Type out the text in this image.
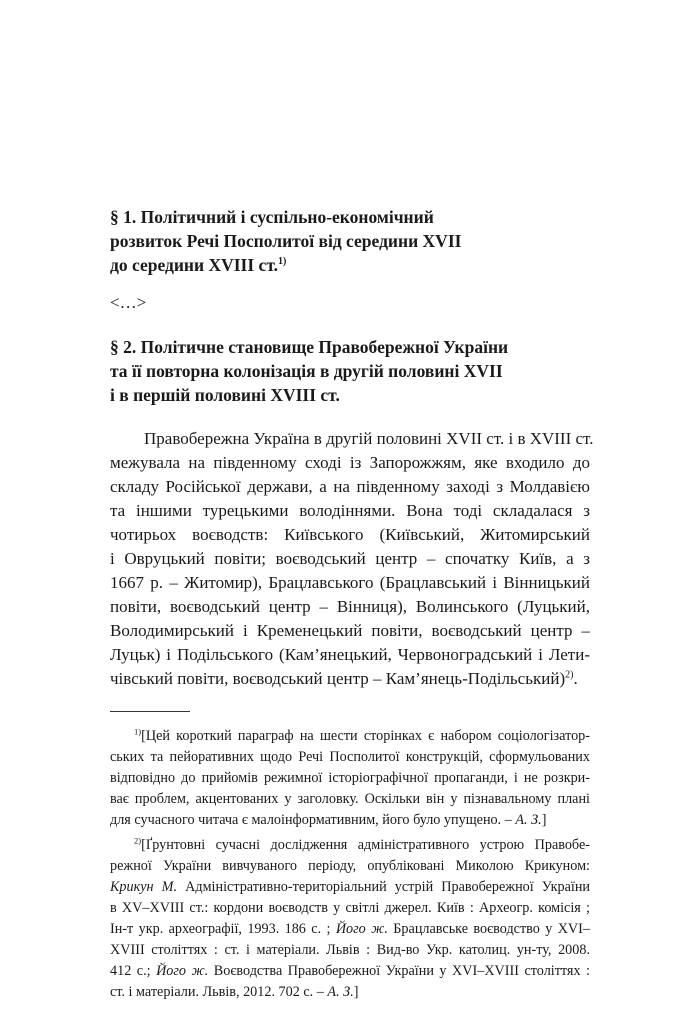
§ 1. Політичний і суспільно-економічний
розвиток Речі Посполитої від середини XVII
до середини XVIII ст.$^{1)}$

<…>

§ 2. Політичне становище Правобережної України
та її повторна колонізація в другій половині XVII
і в першій половині XVIII ст.
Правобережна Україна в другій половині XVII ст. і в XVIII ст.
межувала на південному сході із Запорожжям, яке входило до
складу Російської держави, а на південному заході з Молдавією
та іншими турецькими володіннями. Вона тоді складалася з
чотирьох воєводств: Київського (Київський, Житомирський
і Овруцький повіти; воєводський центр – спочатку Київ, а з
1667 р. – Житомир), Брацлавського (Брацлавський і Вінницький
повіти, воєводський центр – Вінниця), Волинського (Луцький,
Володимирський і Кременецький повіти, воєводський центр –
Луцьк) і Подільського (Кам’янецький, Червоноградський і Лети-
чівський повіти, воєводський центр – Кам’янець-Подільський)$^{2)}$.
$^{1)}$[Цей короткий параграф на шести сторінках є набором соціологізатор-
ських та пейоративних щодо Речі Посполитої конструкцій, сформульованих
відповідно до прийомів режимної історіографічної пропаганди, і не розкри-
ває проблем, акцентованих у заголовку. Оскільки він у пізнавальному плані
для сучасного читача є малоінформативним, його було упущено. – А. З.]
$^{2)}$[Ґрунтовні сучасні дослідження адміністративного устрою Правобе-
режної України вивчуваного періоду, опубліковані Миколою Крикуном:
Крикун М. Адміністративно-територіальний устрій Правобережної України
в XV–XVIII ст.: кордони воєводств у світлі джерел. Київ : Археогр. комісія ;
Ін-т укр. археографії, 1993. 186 с. ; Його ж. Брацлавське воєводство у XVI–
XVIII століттях : ст. і матеріали. Львів : Вид-во Укр. католиц. ун-ту, 2008.
412 с.; Його ж. Воєводства Правобережної України у XVI–XVIII століттях :
ст. і матеріали. Львів, 2012. 702 с. – А. З.]
